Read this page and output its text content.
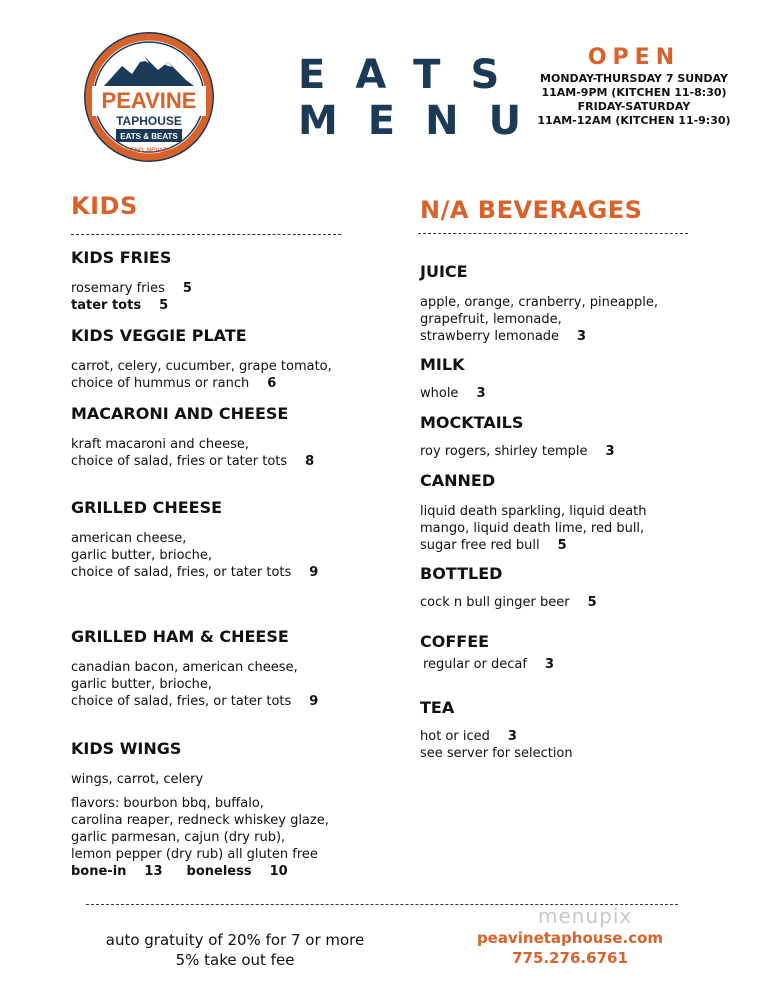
PEAVINE
TAPHOUSE
EATS & BEATS
RENO, NEVADA
EATS
MENU
OPEN
MONDAY-THURSDAY 7 SUNDAY
11AM-9PM (KITCHEN 11-8:30)
FRIDAY-SATURDAY
11AM-12AM (KITCHEN 11-9:30)
KIDS
KIDS FRIES
rosemary fries 5
tater tots 5
KIDS VEGGIE PLATE
carrot, celery, cucumber, grape tomato,
choice of hummus or ranch 6
MACARONI AND CHEESE
kraft macaroni and cheese,
choice of salad, fries or tater tots 8
GRILLED CHEESE
american cheese,
garlic butter, brioche,
choice of salad, fries, or tater tots 9
GRILLED HAM & CHEESE
canadian bacon, american cheese,
garlic butter, brioche,
choice of salad, fries, or tater tots 9
KIDS WINGS
wings, carrot, celery
flavors: bourbon bbq, buffalo,
carolina reaper, redneck whiskey glaze,
garlic parmesan, cajun (dry rub),
lemon pepper (dry rub) all gluten free
bone-in 13 boneless 10
N/A BEVERAGES
JUICE
apple, orange, cranberry, pineapple,
grapefruit, lemonade,
strawberry lemonade 3
MILK
whole 3
MOCKTAILS
roy rogers, shirley temple 3
CANNED
liquid death sparkling, liquid death
mango, liquid death lime, red bull,
sugar free red bull 5
BOTTLED
cock n bull ginger beer 5
COFFEE
regular or decaf 3
TEA
hot or iced 3
see server for selection
menupix
auto gratuity of 20% for 7 or more
5% take out fee
peavinetaphouse.com
775.276.6761
